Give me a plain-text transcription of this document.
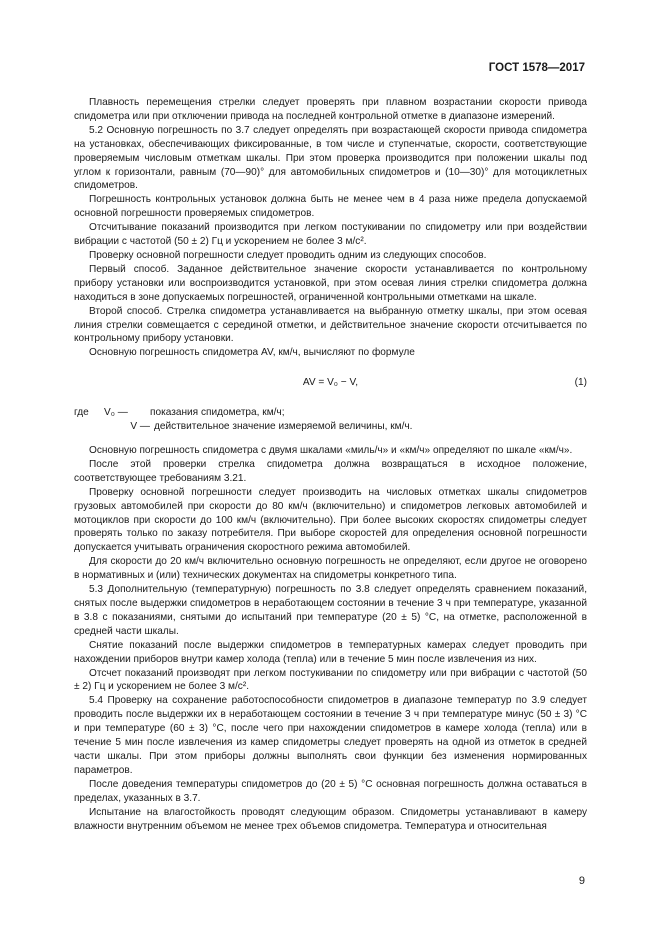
ГОСТ 1578—2017

Плавность перемещения стрелки следует проверять при плавном возрастании скорости привода спидометра или при отключении привода на последней контрольной отметке в диапазоне измерений.

5.2 Основную погрешность по 3.7 следует определять при возрастающей скорости привода спидометра на установках, обеспечивающих фиксированные, в том числе и ступенчатые, скорости, соответствующие проверяемым числовым отметкам шкалы. При этом проверка производится при положении шкалы под углом к горизонтали, равным (70—90)° для автомобильных спидометров и (10—30)° для мотоциклетных спидометров.

Погрешность контрольных установок должна быть не менее чем в 4 раза ниже предела допускаемой основной погрешности проверяемых спидометров.

Отсчитывание показаний производится при легком постукивании по спидометру или при воздействии вибрации с частотой (50 ± 2) Гц и ускорением не более 3 м/с².

Проверку основной погрешности следует проводить одним из следующих способов.

Первый способ. Заданное действительное значение скорости устанавливается по контрольному прибору установки или воспроизводится установкой, при этом осевая линия стрелки спидометра должна находиться в зоне допускаемых погрешностей, ограниченной контрольными отметками на шкале.

Второй способ. Стрелка спидометра устанавливается на выбранную отметку шкалы, при этом осевая линия стрелки совмещается с серединой отметки, и действительное значение скорости отсчитывается по контрольному прибору установки.

Основную погрешность спидометра AV, км/ч, вычисляют по формуле

AV = V₀ − V,	(1)
где	V₀ —	показания спидометра, км/ч;
V — действительное значение измеряемой величины, км/ч.

Основную погрешность спидометра с двумя шкалами «миль/ч» и «км/ч» определяют по шкале «км/ч».

После этой проверки стрелка спидометра должна возвращаться в исходное положение, соответствующее требованиям 3.21.

Проверку основной погрешности следует производить на числовых отметках шкалы спидометров грузовых автомобилей при скорости до 80 км/ч (включительно) и спидометров легковых автомобилей и мотоциклов при скорости до 100 км/ч (включительно). При более высоких скоростях спидометры следует проверять только по заказу потребителя. При выборе скоростей для определения основной погрешности допускается учитывать ограничения скоростного режима автомобилей.

Для скорости до 20 км/ч включительно основную погрешность не определяют, если другое не оговорено в нормативных и (или) технических документах на спидометры конкретного типа.

5.3 Дополнительную (температурную) погрешность по 3.8 следует определять сравнением показаний, снятых после выдержки спидометров в неработающем состоянии в течение 3 ч при температуре, указанной в 3.8 с показаниями, снятыми до испытаний при температуре (20 ± 5) °C, на отметке, расположенной в средней части шкалы.

Снятие показаний после выдержки спидометров в температурных камерах следует проводить при нахождении приборов внутри камер холода (тепла) или в течение 5 мин после извлечения из них.

Отсчет показаний производят при легком постукивании по спидометру или при вибрации с частотой (50 ± 2) Гц и ускорением не более 3 м/с².

5.4 Проверку на сохранение работоспособности спидометров в диапазоне температур по 3.9 следует проводить после выдержки их в неработающем состоянии в течение 3 ч при температуре минус (50 ± 3) °C и при температуре (60 ± 3) °C, после чего при нахождении спидометров в камере холода (тепла) или в течение 5 мин после извлечения из камер спидометры следует проверять на одной из отметок в средней части шкалы. При этом приборы должны выполнять свои функции без изменения нормированных параметров.

После доведения температуры спидометров до (20 ± 5) °C основная погрешность должна оставаться в пределах, указанных в 3.7.

Испытание на влагостойкость проводят следующим образом. Спидометры устанавливают в камеру влажности внутренним объемом не менее трех объемов спидометра. Температура и относительная

9
